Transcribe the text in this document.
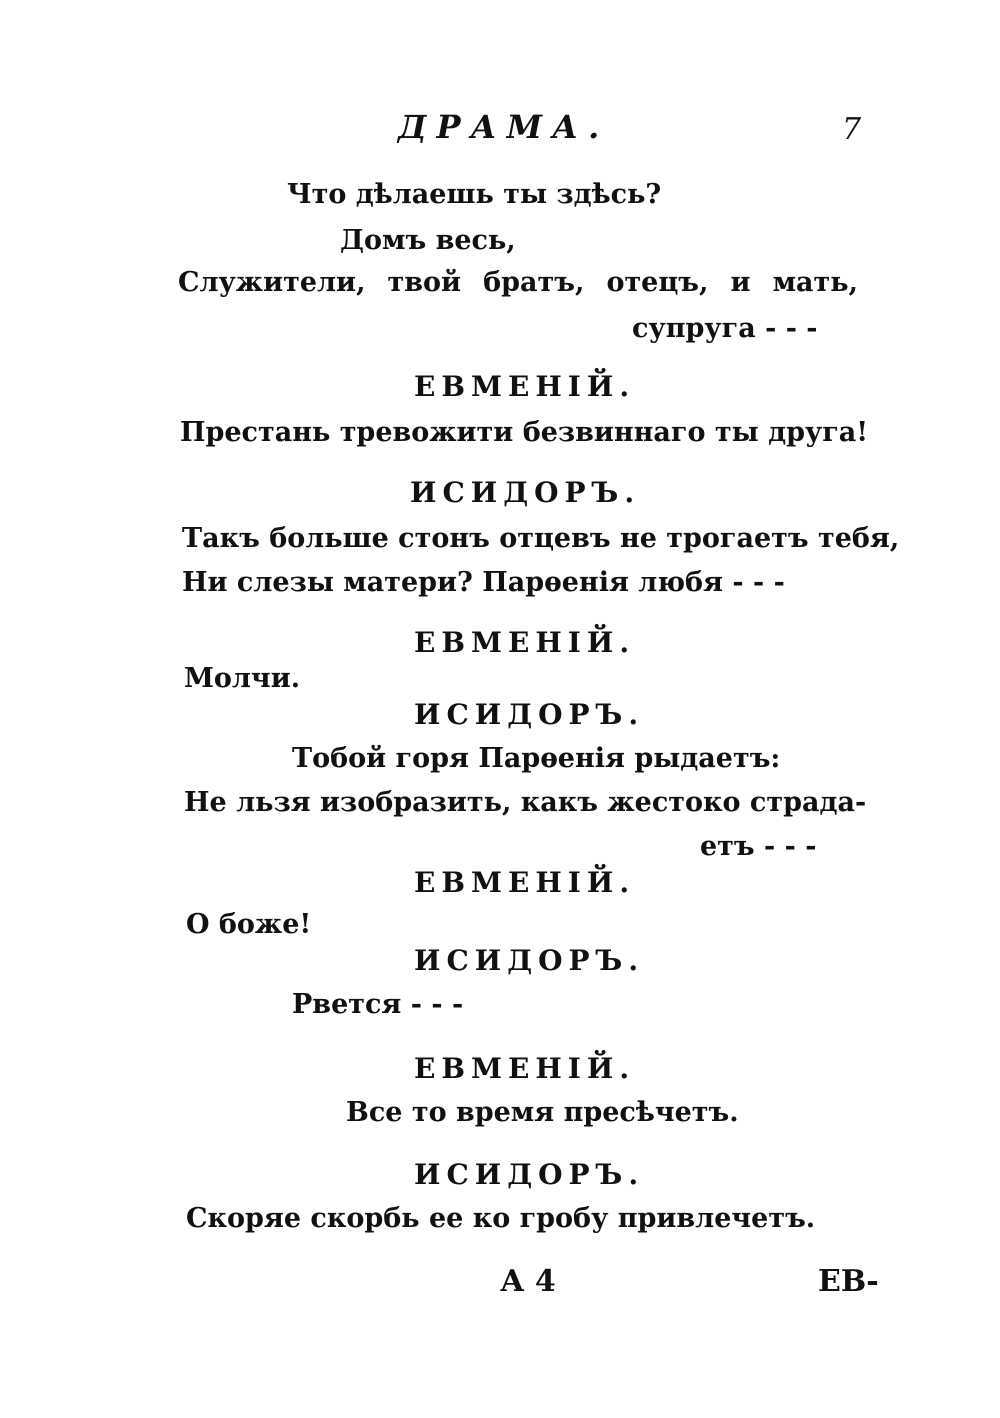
ДРАМА.	7
Что дѣлаешь ты здѣсь?
Домъ весь,
Служители, твой братъ, отецъ, и мать,
супруга - - -
ЕВМЕНІЙ.
Престань тревожити безвиннаго ты друга!
ИСИДОРЪ.
Такъ больше стонъ отцевъ не трогаетъ тебя,
Ни слезы матери? Парѳенія любя - - -
ЕВМЕНІЙ.
Молчи.
ИСИДОРЪ.
Тобой горя Парѳенія рыдаетъ:
Не льзя изобразить, какъ жестоко страда-
етъ - - -
ЕВМЕНІЙ.
О боже!
ИСИДОРЪ.
Рвется - - -
ЕВМЕНІЙ.
Все то время пресѣчетъ.
ИСИДОРЪ.
Скоряе скорбь ее ко гробу привлечетъ.
А 4	ЕВ-
